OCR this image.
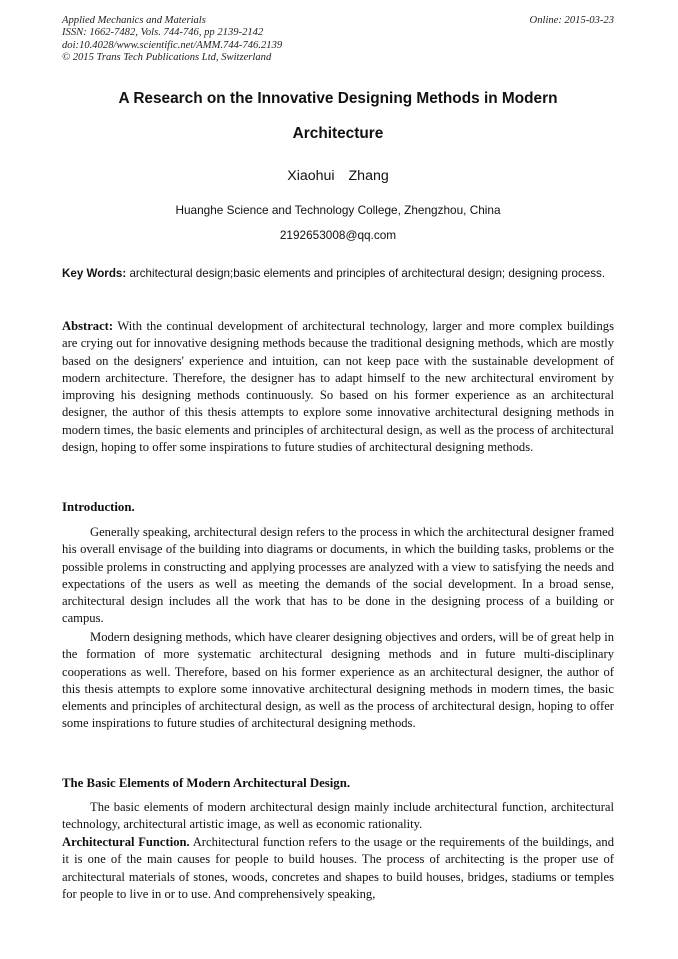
Applied Mechanics and Materials
ISSN: 1662-7482, Vols. 744-746, pp 2139-2142
doi:10.4028/www.scientific.net/AMM.744-746.2139
© 2015 Trans Tech Publications Ltd, Switzerland
Online: 2015-03-23
A Research on the Innovative Designing Methods in Modern
Architecture
Xiaohui Zhang
Huanghe Science and Technology College, Zhengzhou, China
2192653008@qq.com
Key Words: architectural design;basic elements and principles of architectural design; designing process.
Abstract: With the continual development of architectural technology, larger and more complex buildings are crying out for innovative designing methods because the traditional designing methods, which are mostly based on the designers' experience and intuition, can not keep pace with the sustainable development of modern architecture. Therefore, the designer has to adapt himself to the new architectural enviroment by improving his designing methods continuously. So based on his former experience as an architectural designer, the author of this thesis attempts to explore some innovative architectural designing methods in modern times, the basic elements and principles of architectural design, as well as the process of architectural design, hoping to offer some inspirations to future studies of architectural designing methods.
Introduction.
Generally speaking, architectural design refers to the process in which the architectural designer framed his overall envisage of the building into diagrams or documents, in which the building tasks, problems or the possible prolems in constructing and applying processes are analyzed with a view to satisfying the needs and expectations of the users as well as meeting the demands of the social development. In a broad sense, architectural design includes all the work that has to be done in the designing process of a building or campus.
Modern designing methods, which have clearer designing objectives and orders, will be of great help in the formation of more systematic architectural designing methods and in future multi-disciplinary cooperations as well. Therefore, based on his former experience as an architectural designer, the author of this thesis attempts to explore some innovative architectural designing methods in modern times, the basic elements and principles of architectural design, as well as the process of architectural design, hoping to offer some inspirations to future studies of architectural designing methods.
The Basic Elements of Modern Architectural Design.
The basic elements of modern architectural design mainly include architectural function, architectural technology, architectural artistic image, as well as economic rationality.
Architectural Function. Architectural function refers to the usage or the requirements of the buildings, and it is one of the main causes for people to build houses. The process of architecting is the proper use of architectural materials of stones, woods, concretes and shapes to build houses, bridges, stadiums or temples for people to live in or to use. And comprehensively speaking,
